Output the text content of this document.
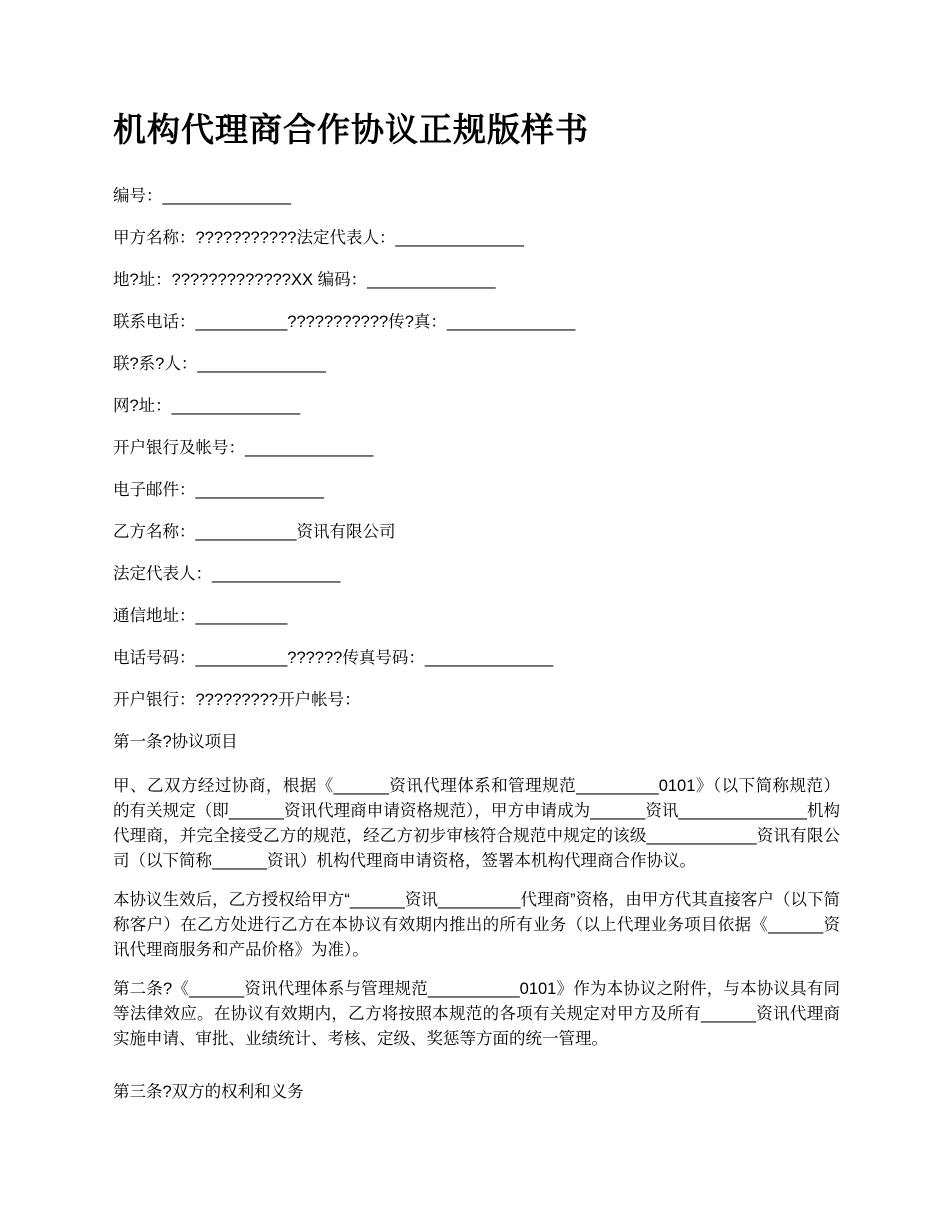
机构代理商合作协议正规版样书

编号：______________

甲方名称：???????????法定代表人：______________

地?址：?????????????XX 编码：______________

联系电话：__________???????????传?真：______________

联?系?人：______________

网?址：______________

开户银行及帐号：______________

电子邮件：______________

乙方名称：___________资讯有限公司

法定代表人：______________

通信地址：__________

电话号码：__________??????传真号码：______________

开户银行：?????????开户帐号：

第一条?协议项目

甲、乙双方经过协商，根据《______资讯代理体系和管理规范_________0101》（以下简称规范）的有关规定（即______资讯代理商申请资格规范），甲方申请成为______资讯______________机构代理商，并完全接受乙方的规范，经乙方初步审核符合规范中规定的该级____________资讯有限公司（以下简称______资讯）机构代理商申请资格，签署本机构代理商合作协议。

本协议生效后，乙方授权给甲方“______资讯_________代理商”资格，由甲方代其直接客户（以下简称客户）在乙方处进行乙方在本协议有效期内推出的所有业务（以上代理业务项目依据《______资讯代理商服务和产品价格》为准）。

第二条?《______资讯代理体系与管理规范__________0101》作为本协议之附件，与本协议具有同等法律效应。在协议有效期内，乙方将按照本规范的各项有关规定对甲方及所有______资讯代理商实施申请、审批、业绩统计、考核、定级、奖惩等方面的统一管理。

第三条?双方的权利和义务
